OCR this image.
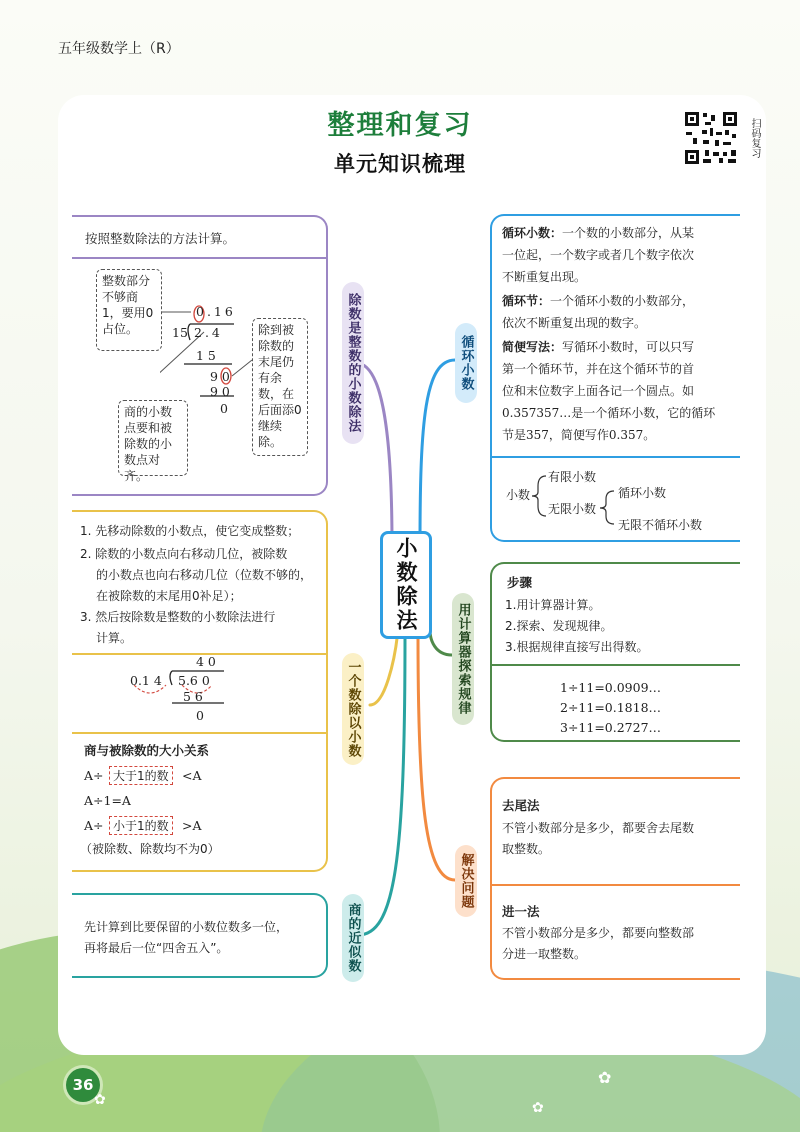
五年级数学上（R）
整理和复习
单元知识梳理
扫码复习
小数除法
按照整数除法的方法计算。
整数部分不够商1，要用0占位。	除到被除数的末尾仍有余数，在后面添0继续除。
商的小数点要和被除数的小数点对齐。
0.16
15 2.4
1 5
9 0
9 0
0	除数是整数的小数除法
1. 先移动除数的小数点，使它变成整数；
2. 除数的小数点向右移动几位，被除数
的小数点也向右移动几位（位数不够的，
在被除数的末尾用0补足）；
3. 然后按除数是整数的小数除法进行
计算。
4 0
0.1 4 5.6 0
5 6
0
商与被除数的大小关系
A÷ 大于1的数	<A
A÷1=A
A÷ 小于1的数	>A
（被除数、除数均不为0）
一个数除以小数
先计算到比要保留的小数位数多一位，
再将最后一位“四舍五入”。	商的近似数
循环小数：一个数的小数部分，从某
一位起，一个数字或者几个数字依次
不断重复出现。
循环节：一个循环小数的小数部分，
依次不断重复出现的数字。
简便写法：写循环小数时，可以只写
第一个循环节，并在这个循环节的首
位和末位数字上面各记一个圆点。如
0.357357…是一个循环小数，它的循环
节是357，简便写作0.357。
小数
有限小数
无限小数
循环小数
无限不循环小数
循环小数
步骤
1.用计算器计算。
2.探索、发现规律。
3.根据规律直接写出得数。
1÷11=0.0909…
2÷11=0.1818…
3÷11=0.2727…
用计算器探索规律
去尾法
不管小数部分是多少，都要舍去尾数
取整数。
进一法
不管小数部分是多少，都要向整数部
分进一取整数。
解决问题
36	✿
✿
✿
